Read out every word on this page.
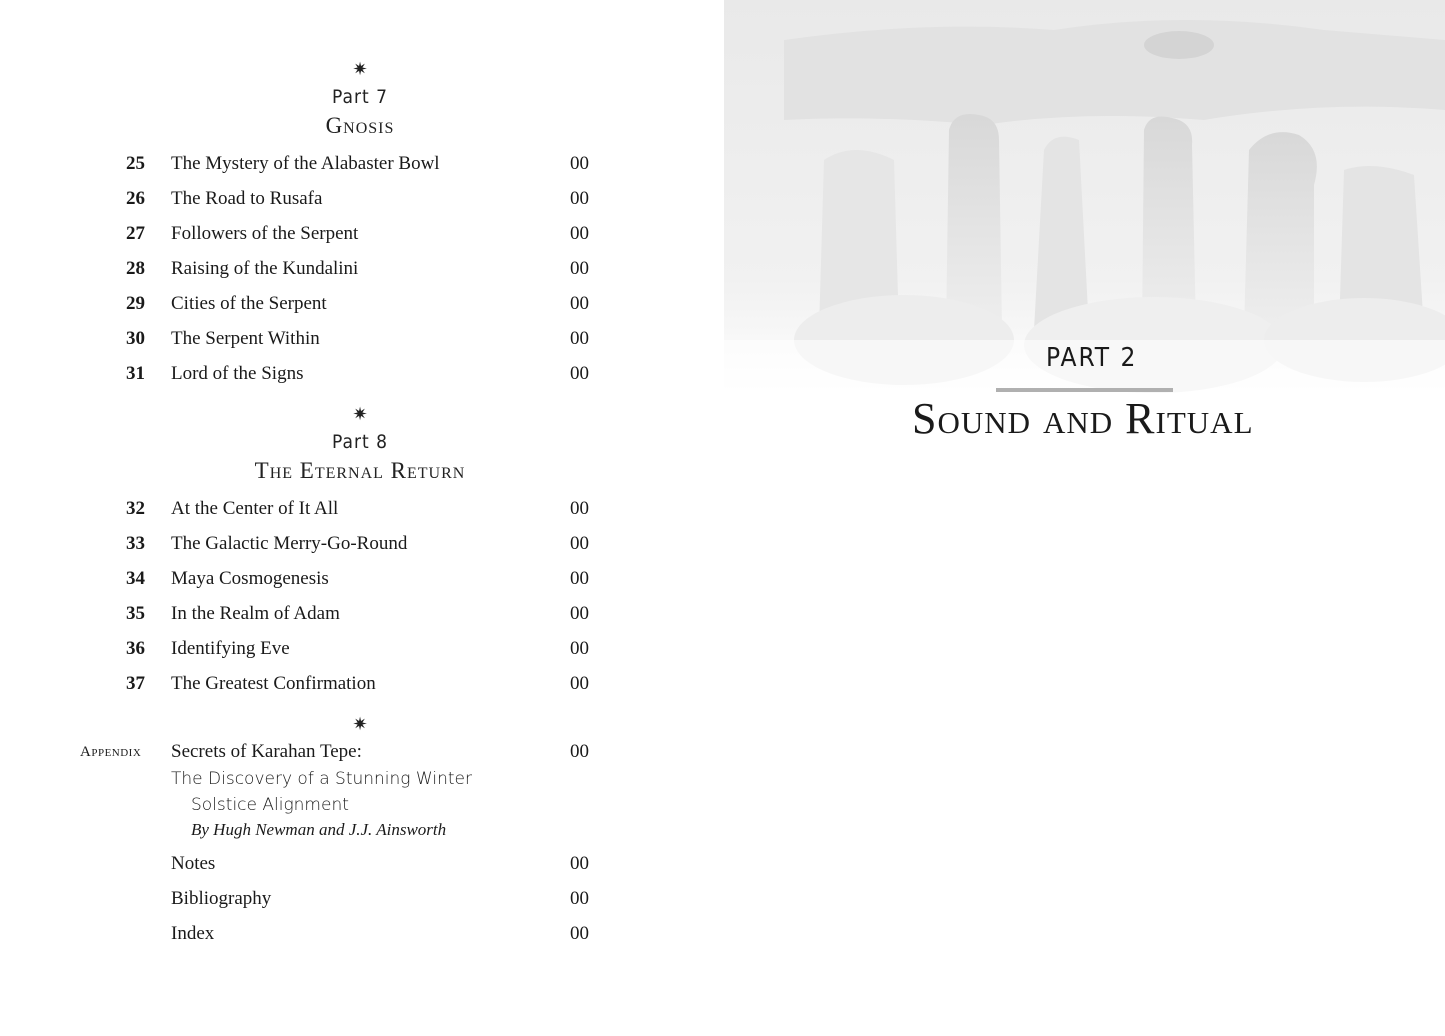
✷
Part 7
Gnosis
25 The Mystery of the Alabaster Bowl	00
26 The Road to Rusafa	00
27 Followers of the Serpent	00
28 Raising of the Kundalini	00
29 Cities of the Serpent	00
30 The Serpent Within	00
31 Lord of the Signs	00
✷
Part 8
The Eternal Return
32 At the Center of It All	00
33 The Galactic Merry-Go-Round	00
34 Maya Cosmogenesis	00
35 In the Realm of Adam	00
36 Identifying Eve	00
37 The Greatest Confirmation	00
✷
Appendix Secrets of Karahan Tepe:	00
The Discovery of a Stunning Winter
Solstice Alignment
By Hugh Newman and J.J. Ainsworth
Notes	00
Bibliography	00
Index	00
PART 2
Sound and Ritual
